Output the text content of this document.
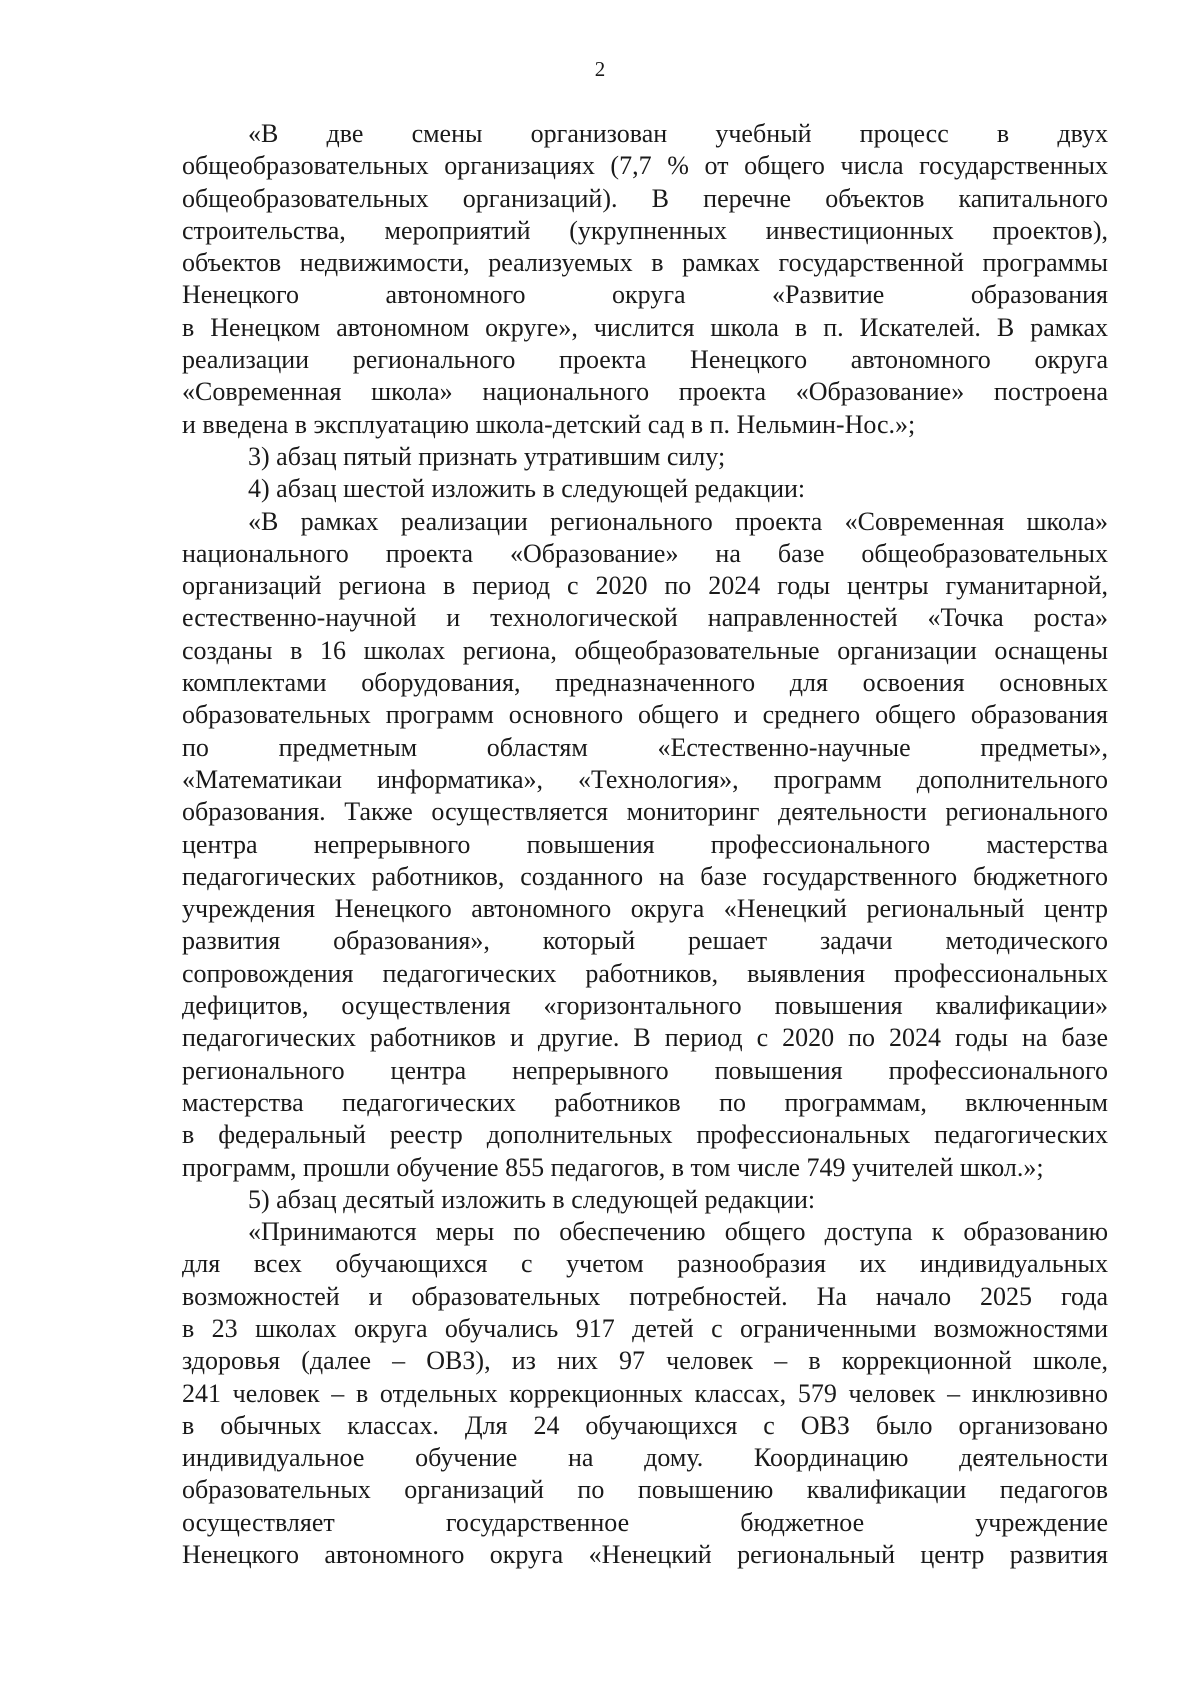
2
«В две смены организован учебный процесс в двух
общеобразовательных организациях (7,7 % от общего числа государственных
общеобразовательных организаций). В перечне объектов капитального
строительства, мероприятий (укрупненных инвестиционных проектов),
объектов недвижимости, реализуемых в рамках государственной программы
Ненецкого автономного округа «Развитие образования
в Ненецком автономном округе», числится школа в п. Искателей. В рамках
реализации регионального проекта Ненецкого автономного округа
«Современная школа» национального проекта «Образование» построена
и введена в эксплуатацию школа-детский сад в п. Нельмин-Нос.»;
3) абзац пятый признать утратившим силу;
4) абзац шестой изложить в следующей редакции:
«В рамках реализации регионального проекта «Современная школа»
национального проекта «Образование» на базе общеобразовательных
организаций региона в период с 2020 по 2024 годы центры гуманитарной,
естественно-научной и технологической направленностей «Точка роста»
созданы в 16 школах региона, общеобразовательные организации оснащены
комплектами оборудования, предназначенного для освоения основных
образовательных программ основного общего и среднего общего образования
по предметным областям «Естественно-научные предметы»,
«Математикаи информатика», «Технология», программ дополнительного
образования. Также осуществляется мониторинг деятельности регионального
центра непрерывного повышения профессионального мастерства
педагогических работников, созданного на базе государственного бюджетного
учреждения Ненецкого автономного округа «Ненецкий региональный центр
развития образования», который решает задачи методического
сопровождения педагогических работников, выявления профессиональных
дефицитов, осуществления «горизонтального повышения квалификации»
педагогических работников и другие. В период с 2020 по 2024 годы на базе
регионального центра непрерывного повышения профессионального
мастерства педагогических работников по программам, включенным
в федеральный реестр дополнительных профессиональных педагогических
программ, прошли обучение 855 педагогов, в том числе 749 учителей школ.»;
5) абзац десятый изложить в следующей редакции:
«Принимаются меры по обеспечению общего доступа к образованию
для всех обучающихся с учетом разнообразия их индивидуальных
возможностей и образовательных потребностей. На начало 2025 года
в 23 школах округа обучались 917 детей с ограниченными возможностями
здоровья (далее – ОВЗ), из них 97 человек – в коррекционной школе,
241 человек – в отдельных коррекционных классах, 579 человек – инклюзивно
в обычных классах. Для 24 обучающихся с ОВЗ было организовано
индивидуальное обучение на дому. Координацию деятельности
образовательных организаций по повышению квалификации педагогов
осуществляет государственное бюджетное учреждение
Ненецкого автономного округа «Ненецкий региональный центр развития
